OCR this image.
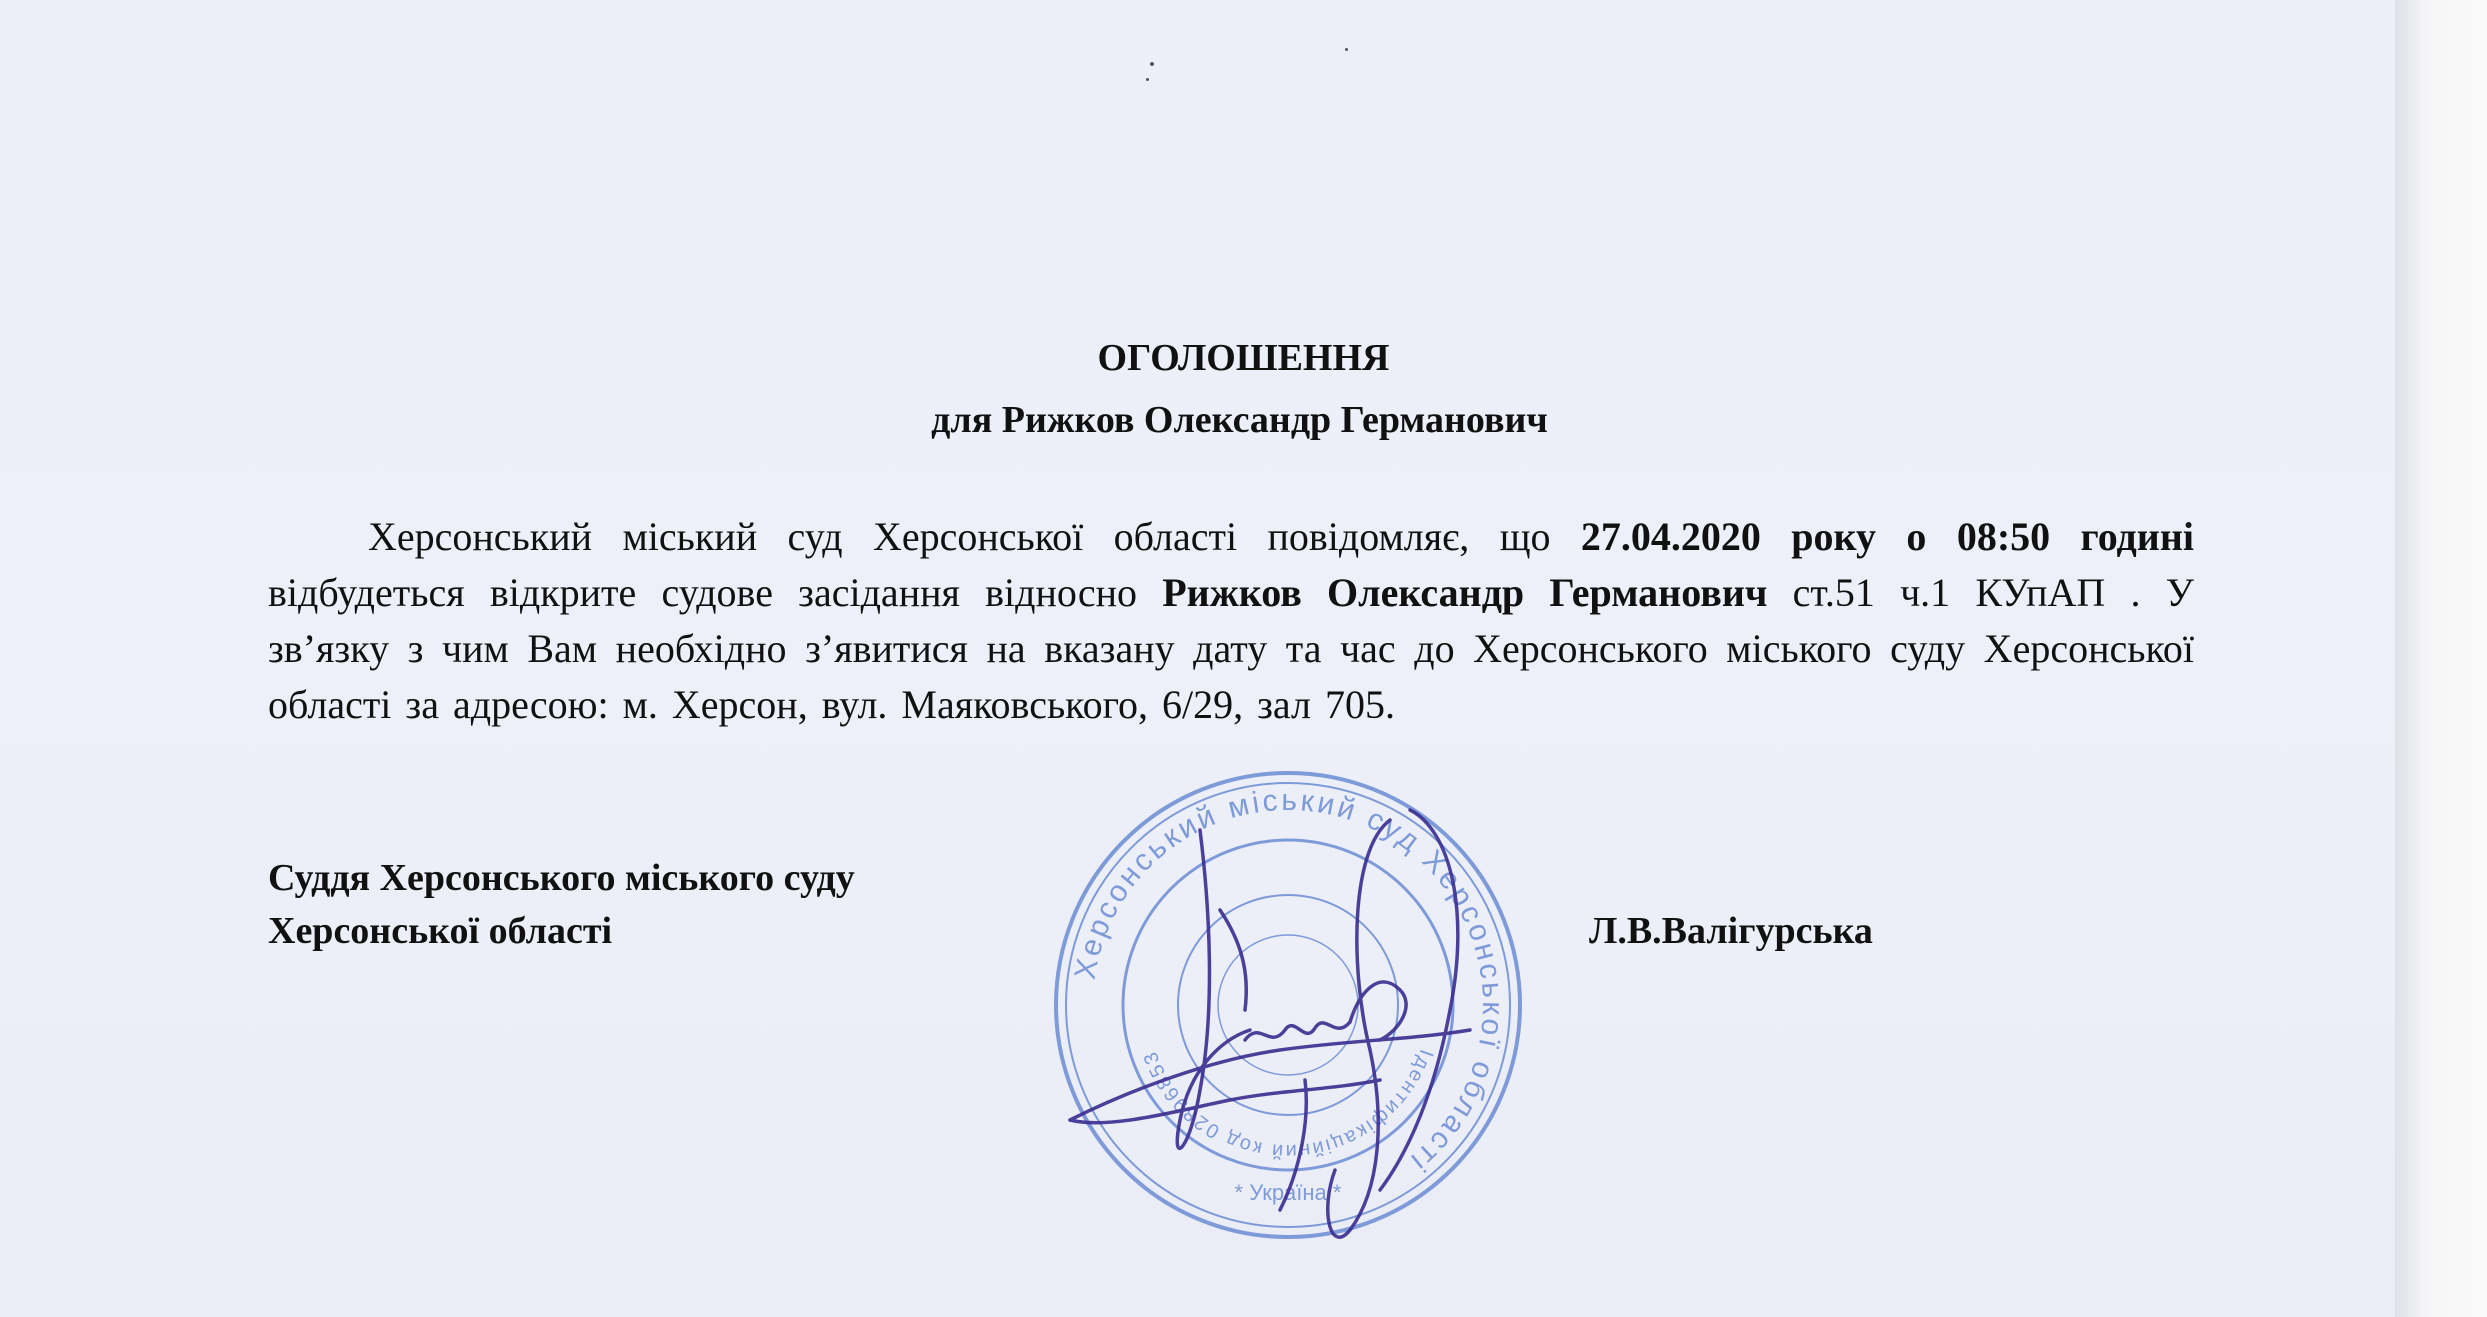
ОГОЛОШЕННЯ
для Рижков Олександр Германович
Херсонський міський суд Херсонської області повідомляє, що 27.04.2020 року о 08:50 годині відбудеться відкрите судове засідання відносно Рижков Олександр Германович ст.51 ч.1 КУпАП . У зв’язку з чим Вам необхідно з’явитися на вказану дату та час до Херсонського міського суду Херсонської області за адресою: м. Херсон, вул. Маяковського, 6/29, зал 705.
Суддя Херсонського міського суду
Херсонської області	Л.В.Валігурська
Херсонський міський суд Херсонської області
Ідентифікаційний код 02896853
* Україна *
